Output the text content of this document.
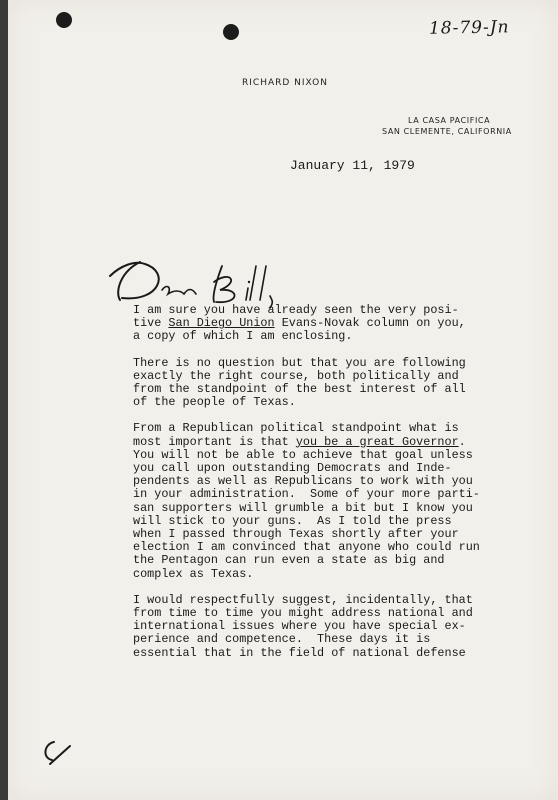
18-79-Jn
RICHARD NIXON
LA CASA PACIFICA
SAN CLEMENTE, CALIFORNIA
January 11, 1979
I am sure you have already seen the very posi-
tive San Diego Union Evans-Novak column on you,
a copy of which I am enclosing.
There is no question but that you are following
exactly the right course, both politically and
from the standpoint of the best interest of all
of the people of Texas.
From a Republican political standpoint what is
most important is that you be a great Governor.
You will not be able to achieve that goal unless
you call upon outstanding Democrats and Inde-
pendents as well as Republicans to work with you
in your administration.  Some of your more parti-
san supporters will grumble a bit but I know you
will stick to your guns.  As I told the press
when I passed through Texas shortly after your
election I am convinced that anyone who could run
the Pentagon can run even a state as big and
complex as Texas.
I would respectfully suggest, incidentally, that
from time to time you might address national and
international issues where you have special ex-
perience and competence.  These days it is
essential that in the field of national defense
